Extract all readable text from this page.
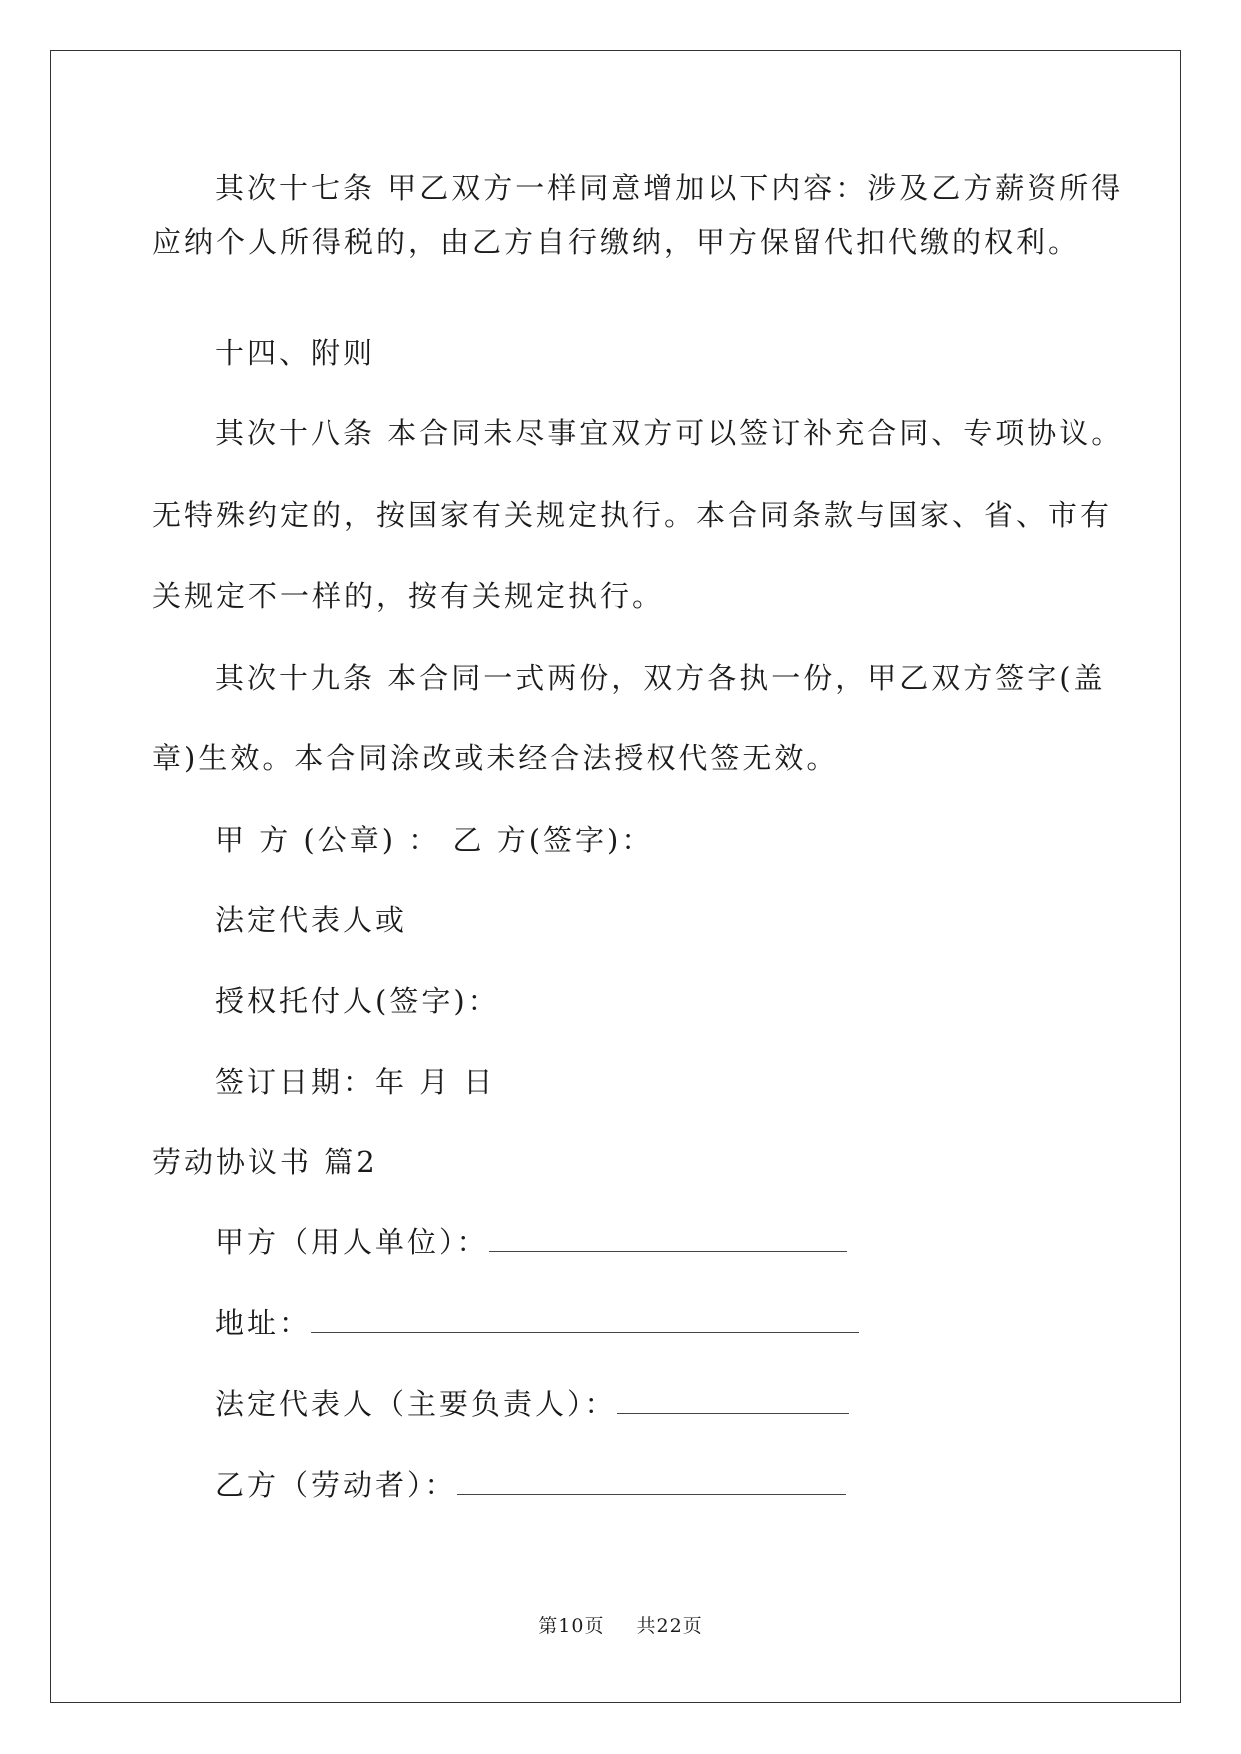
其次十七条 甲乙双方一样同意增加以下内容：涉及乙方薪资所得
应纳个人所得税的，由乙方自行缴纳，甲方保留代扣代缴的权利。
十四、附则
其次十八条 本合同未尽事宜双方可以签订补充合同、专项协议。
无特殊约定的，按国家有关规定执行。本合同条款与国家、省、市有
关规定不一样的，按有关规定执行。
其次十九条 本合同一式两份，双方各执一份，甲乙双方签字(盖
章)生效。本合同涂改或未经合法授权代签无效。
甲 方 (公章) ： 乙 方(签字)：
法定代表人或
授权托付人(签字)：
签订日期：年 月 日
劳动协议书 篇2
甲方（用人单位）：
地址：
法定代表人（主要负责人）：
乙方（劳动者）：
第10页 共22页
